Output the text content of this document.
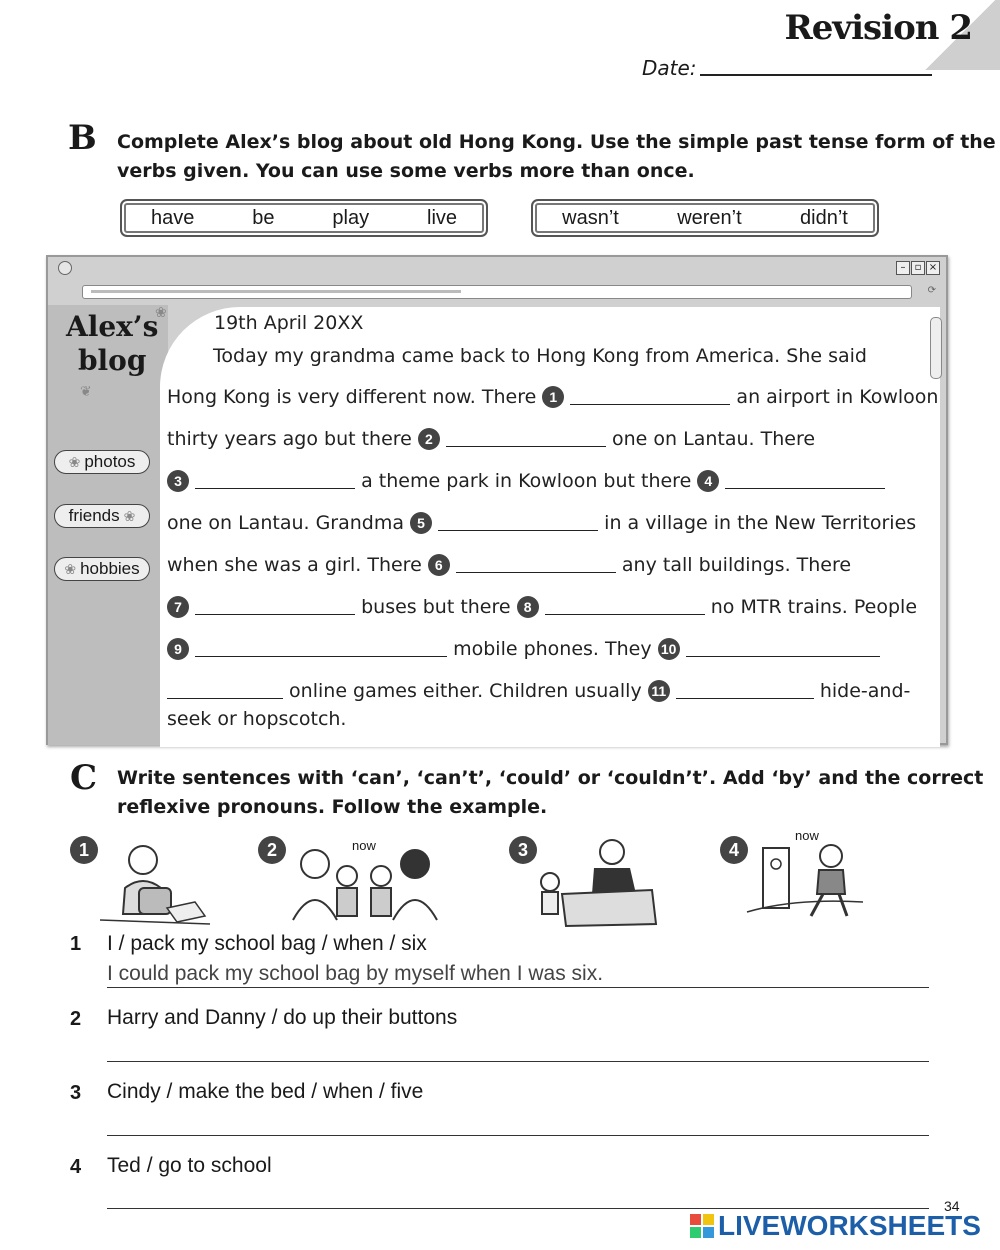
Revision 2
Date:
B Complete Alex’s blog about old Hong Kong. Use the simple past tense form of the
verbs given. You can use some verbs more than once.
have	be	play	live	wasn’t	weren’t	didn’t
– ▫ ×
⟳
Alex’s
blog
❀
❦
❀ photos
friends ❀
❀ hobbies
19th April 20XX
Today my grandma came back to Hong Kong from America. She said
Hong Kong is very different now. There 1	an airport in Kowloon
thirty years ago but there 2	one on Lantau. There
3	a theme park in Kowloon but there 4
one on Lantau. Grandma 5	in a village in the New Territories
when she was a girl. There 6	any tall buildings. There
7	buses but there 8	no MTR trains. People
9	mobile phones. They 10
online games either. Children usually 11	hide-and-
seek or hopscotch.
C Write sentences with ‘can’, ‘can’t’, ‘could’ or ‘couldn’t’. Add ‘by’ and the correct
reflexive pronouns. Follow the example.
1	2	now	3	4
now
1 I / pack my school bag / when / six
I could pack my school bag by myself when I was six.
2 Harry and Danny / do up their buttons
3 Cindy / make the bed / when / five
4 Ted / go to school
34
LIVEWORKSHEETS
